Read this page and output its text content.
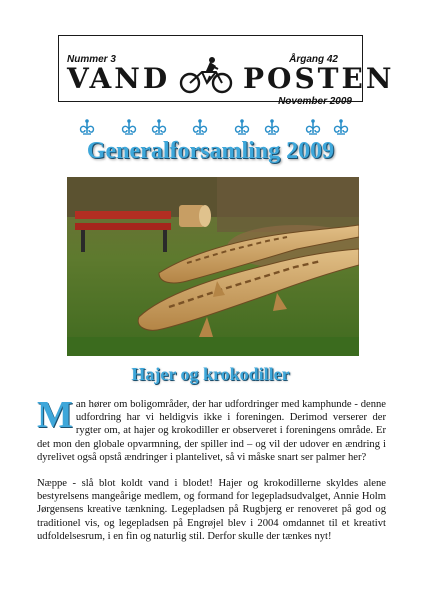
Nummer 3	Årgang 42
VAND	POSTEN
November 2009
Generalforsamling 2009
Hajer og krokodiller

Man hører om boligområder, der har udfordringer med kamphunde - denne udfordring har vi heldigvis ikke i foreningen. Derimod verserer der rygter om, at hajer og krokodiller er observeret i foreningens område. Er det mon den globale opvarmning, der spiller ind – og vil der udover en ændring i dyrelivet også opstå ændringer i plantelivet, så vi måske snart ser palmer her?

Næppe - slå blot koldt vand i blodet! Hajer og krokodillerne skyldes alene bestyrelsens mangeårige medlem, og formand for legepladsudvalget, Annie Holm Jørgensens kreative tænkning. Legepladsen på Rugbjerg er renoveret på god og traditionel vis, og legepladsen på Engrøjel blev i 2004 omdannet til et kreativt udfoldelsesrum, i en fin og naturlig stil. Derfor skulle der tænkes nyt!
